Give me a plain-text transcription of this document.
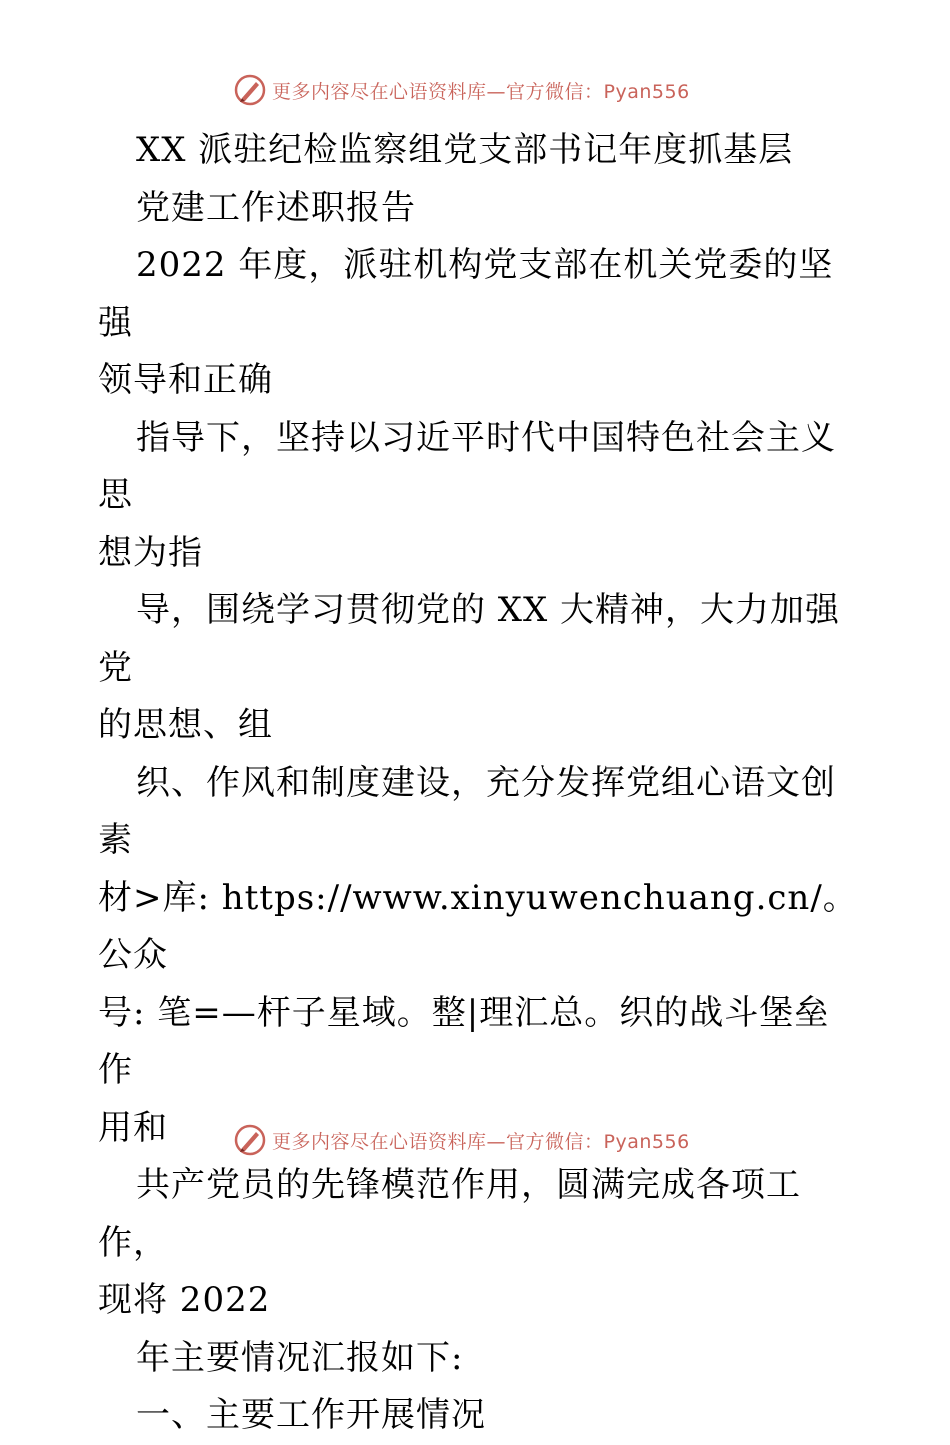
更多内容尽在心语资料库—官方微信：Pyan556

XX 派驻纪检监察组党支部书记年度抓基层

党建工作述职报告

2022 年度，派驻机构党支部在机关党委的坚强

领导和正确

指导下，坚持以习近平时代中国特色社会主义思

想为指

导，围绕学习贯彻党的 XX 大精神，大力加强党

的思想、组

织、作风和制度建设，充分发挥党组心语文创素

材>库: https://www.xinyuwenchuang.cn/。公众

号: 笔=—杆子星域。整|理汇总。织的战斗堡垒作

用和

共产党员的先锋模范作用，圆满完成各项工作，

现将 2022

年主要情况汇报如下:

一、主要工作开展情况

更多内容尽在心语资料库—官方微信：Pyan556
